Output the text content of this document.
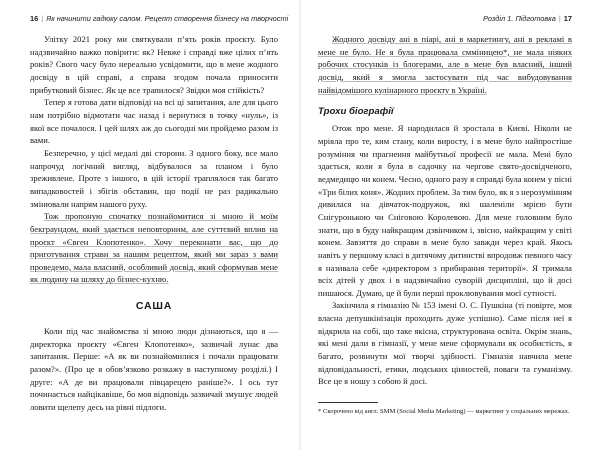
16 | Як начинити гадюку салом. Рецепт створення бізнесу на творчості

Улітку 2021 року ми святкували п’ять років проєкту. Було надзвичайно важко повірити: як? Невже і справді вже цілих п’ять років? Свого часу було нереально усвідомити, що в мене жодного досвіду в цій справі, а справа згодом почала приносити прибутковий бізнес. Як це все трапилося? Звідки моя стійкість?

Тепер я готова дати відповіді на всі ці запитання, але для цього нам потрібно відмотати час назад і вернутися в точку «нуль», із якої все почалося. І цей шлях аж до сьогодні ми пройдемо разом із вами.

Безперечно, у цієї медалі дві сторони. З одного боку, все мало напрочуд логічний вигляд, відбувалося за планом і було зреживлене. Проте з іншого, в цій історії траплялося так багато випадковостей і збігів обставин, що події не раз радикально змінювали напрям нашого руху.

Тож пропоную спочатку познайомитися зі мною й моїм бекграундом, який здається неповторним, але суттєвий вплив на проєкт «Євген Клопотенко». Хочу переконати вас, що до приготування страви за нашим рецептом, який ми зараз з вами проведемо, мала власний, особливий досвід, який сформував мене як людину на шляху до бізнес-кухню.

САША

Коли під час знайомства зі мною люди дізнаються, що я — директорка проєкту «Євген Клопотенко», зазвичай лунає два запитання. Перше: «А як ви познайомилися і почали працювати разом?». (Про це я обов’язково розкажу в наступному розділі.) І друге: «А де ви працювали півцарецею раніше?». І ось тут починається найцікавіше, бо моя відповідь зазвичай змушує людей ловити щелепу десь на рівні підлоги.

Розділ 1. Підготовка | 17

Жодного досвіду ані в піарі, ані в маркетингу, ані в рекламі в мене не було. Не я була працювала смміницею*, не мала ніяких робочих стосунків із блогерами, але в мене був власний, інший досвід, який я змогла застосувати під час вибудовування найвідомішого кулінарного проєкту в Україні.

Трохи біографії

Отож про мене. Я народилася й зростала в Києві. Ніколи не мріяла про те, ким стану, коли виросту, і в мене було найпростіше розуміння чи прагнення майбутньої професії не мала. Мені було здається, коли я була в садочку на чергове свято-досвідченого, ведмедицю чи конем. Чесно, одного разу я справді була конем у пісні «Три білих коня». Жодних проблем. За тим було, як я з нерозумінням дивилася на дівчаток-подружок, які шаленіли мрією бути Снігуронькою чи Сніговою Королевою. Для мене головним було знати, що в буду найкращим дзвінчиком і, звісно, найкращим у світі конем. Завзяття до справи в мене було завжди через край. Якось навіть у першому класі в дитячому дитинстві впродовж певного часу я називала себе «директором з прибирання території». Я тримала всіх дітей у двох і в надзвичайно суворій дисципліні, що й досі пишаюся. Думаю, це й були перші проклювування моєї сутності.

Закінчила я гімназію № 153 імені О. С. Пушкіна (ті повірте, моя власна депушкінізація проходить дуже успішно). Саме після неї я відкрила на собі, що таке якісна, структурована освіта. Окрім знань, які мені дали в гімназії, у мене мене сформували як особистість, я багато, розвинути мої творчі здібності. Гімназія навчила мене відповідальності, етики, людських цінностей, поваги та гуманізму. Все це я ношу з собою й досі.

* Скорочено від англ. SMM (Social Media Marketing) — маркетинг у соціальних мережах.
